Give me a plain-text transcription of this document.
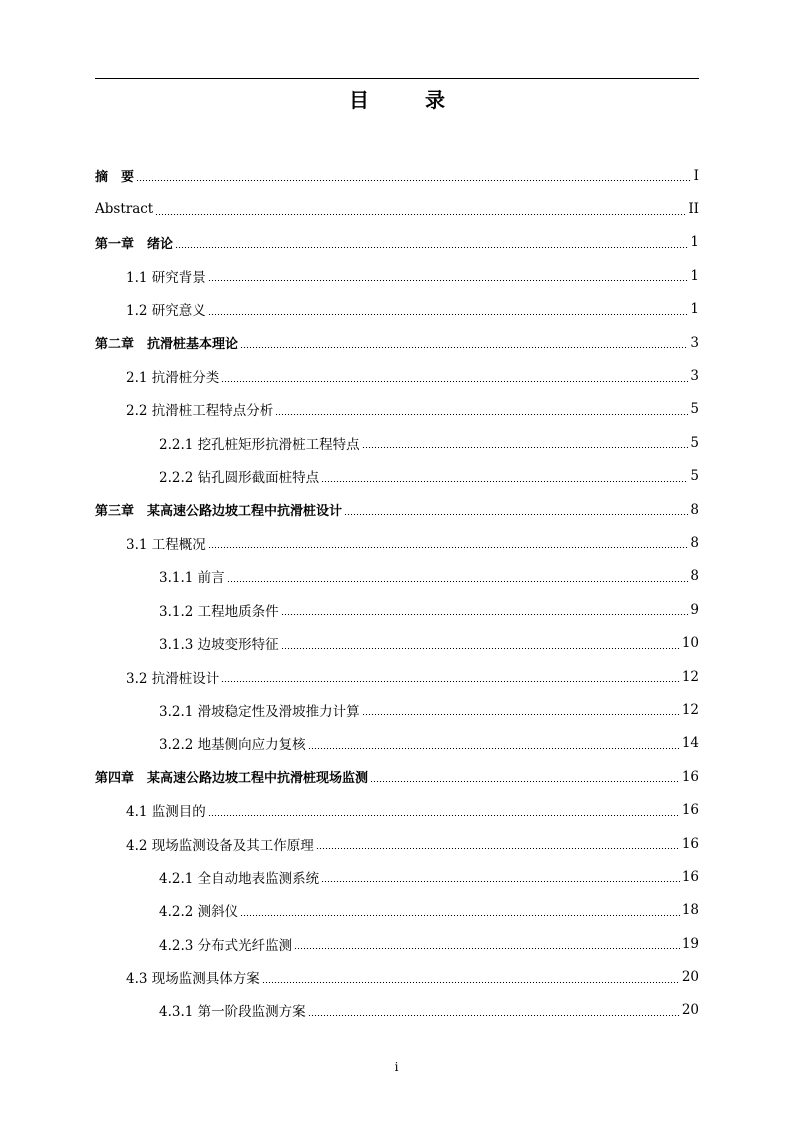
目　录
摘　要	I
Abstract	II
第一章　绪论	1
1.1 研究背景	1
1.2 研究意义	1
第二章　抗滑桩基本理论	3
2.1 抗滑桩分类	3
2.2 抗滑桩工程特点分析	5
2.2.1 挖孔桩矩形抗滑桩工程特点	5
2.2.2 钻孔圆形截面桩特点	5
第三章　某高速公路边坡工程中抗滑桩设计	8
3.1 工程概况	8
3.1.1 前言	8
3.1.2 工程地质条件	9
3.1.3 边坡变形特征	10
3.2 抗滑桩设计	12
3.2.1 滑坡稳定性及滑坡推力计算	12
3.2.2 地基侧向应力复核	14
第四章　某高速公路边坡工程中抗滑桩现场监测	16
4.1 监测目的	16
4.2 现场监测设备及其工作原理	16
4.2.1 全自动地表监测系统	16
4.2.2 测斜仪	18
4.2.3 分布式光纤监测	19
4.3 现场监测具体方案	20
4.3.1 第一阶段监测方案	20
i
